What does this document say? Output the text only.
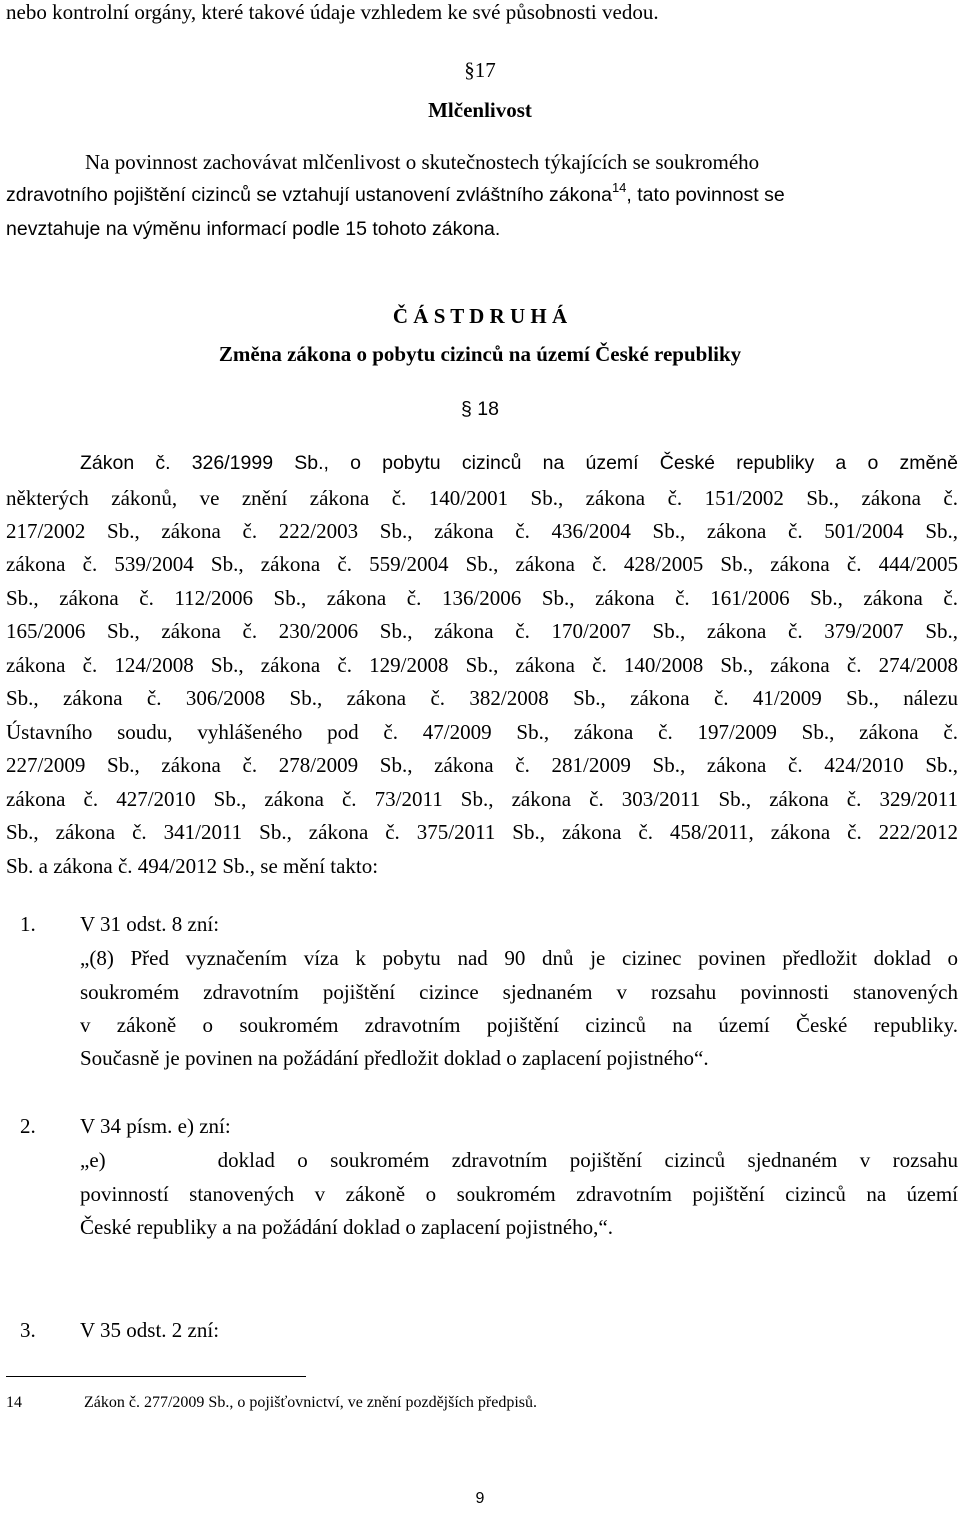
nebo kontrolní orgány, které takové údaje vzhledem ke své působnosti vedou.
§17
Mlčenlivost
Na povinnost zachovávat mlčenlivost o skutečnostech týkajících se soukromého
zdravotního pojištění cizinců se vztahují ustanovení zvláštního zákona$^{14}$, tato povinnost se
nevztahuje na výměnu informací podle 15 tohoto zákona.
Č Á S T D R U H Á
Změna zákona o pobytu cizinců na území České republiky
§ 18
Zákon č. 326/1999 Sb., o pobytu cizinců na území České republiky a o změně
některých zákonů, ve znění zákona č. 140/2001 Sb., zákona č. 151/2002 Sb., zákona č.
217/2002 Sb., zákona č. 222/2003 Sb., zákona č. 436/2004 Sb., zákona č. 501/2004 Sb.,
zákona č. 539/2004 Sb., zákona č. 559/2004 Sb., zákona č. 428/2005 Sb., zákona č. 444/2005
Sb., zákona č. 112/2006 Sb., zákona č. 136/2006 Sb., zákona č. 161/2006 Sb., zákona č.
165/2006 Sb., zákona č. 230/2006 Sb., zákona č. 170/2007 Sb., zákona č. 379/2007 Sb.,
zákona č. 124/2008 Sb., zákona č. 129/2008 Sb., zákona č. 140/2008 Sb., zákona č. 274/2008
Sb., zákona č. 306/2008 Sb., zákona č. 382/2008 Sb., zákona č. 41/2009 Sb., nálezu
Ústavního soudu, vyhlášeného pod č. 47/2009 Sb., zákona č. 197/2009 Sb., zákona č.
227/2009 Sb., zákona č. 278/2009 Sb., zákona č. 281/2009 Sb., zákona č. 424/2010 Sb.,
zákona č. 427/2010 Sb., zákona č. 73/2011 Sb., zákona č. 303/2011 Sb., zákona č. 329/2011
Sb., zákona č. 341/2011 Sb., zákona č. 375/2011 Sb., zákona č. 458/2011, zákona č. 222/2012
Sb. a zákona č. 494/2012 Sb., se mění takto:
1. V 31 odst. 8 zní:
„(8) Před vyznačením víza k pobytu nad 90 dnů je cizinec povinen předložit doklad o
soukromém zdravotním pojištění cizince sjednaném v rozsahu povinnosti stanovených
v zákoně o soukromém zdravotním pojištění cizinců na území České republiky.
Současně je povinen na požádání předložit doklad o zaplacení pojistného“.
2. V 34 písm. e) zní:
„e)     doklad o soukromém zdravotním pojištění cizinců sjednaném v rozsahu
povinností stanovených v zákoně o soukromém zdravotním pojištění cizinců na území
České republiky a na požádání doklad o zaplacení pojistného,“.
3. V 35 odst. 2 zní:
14	Zákon č. 277/2009 Sb., o pojišťovnictví, ve znění pozdějších předpisů.
9
